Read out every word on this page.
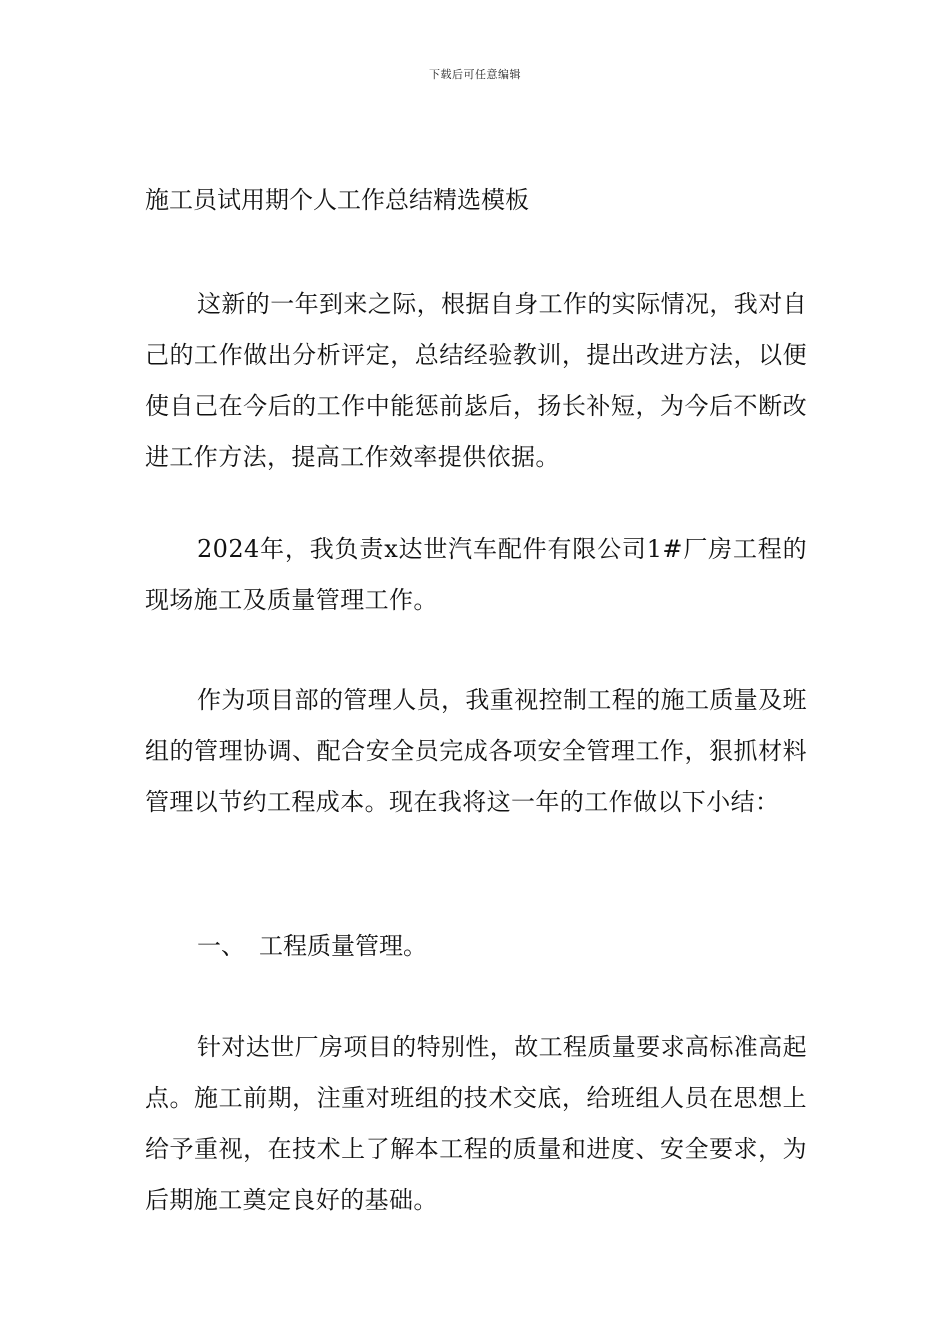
下载后可任意编辑
施工员试用期个人工作总结精选模板
这新的一年到来之际，根据自身工作的实际情况，我对自己的工作做出分析评定，总结经验教训，提出改进方法，以便使自己在今后的工作中能惩前毖后，扬长补短，为今后不断改进工作方法，提高工作效率提供依据。
2024年，我负责x达世汽车配件有限公司1#厂房工程的现场施工及质量管理工作。
作为项目部的管理人员，我重视控制工程的施工质量及班组的管理协调、配合安全员完成各项安全管理工作，狠抓材料管理以节约工程成本。现在我将这一年的工作做以下小结：
一、 工程质量管理。
针对达世厂房项目的特别性，故工程质量要求高标准高起点。施工前期，注重对班组的技术交底，给班组人员在思想上给予重视，在技术上了解本工程的质量和进度、安全要求，为后期施工奠定良好的基础。
